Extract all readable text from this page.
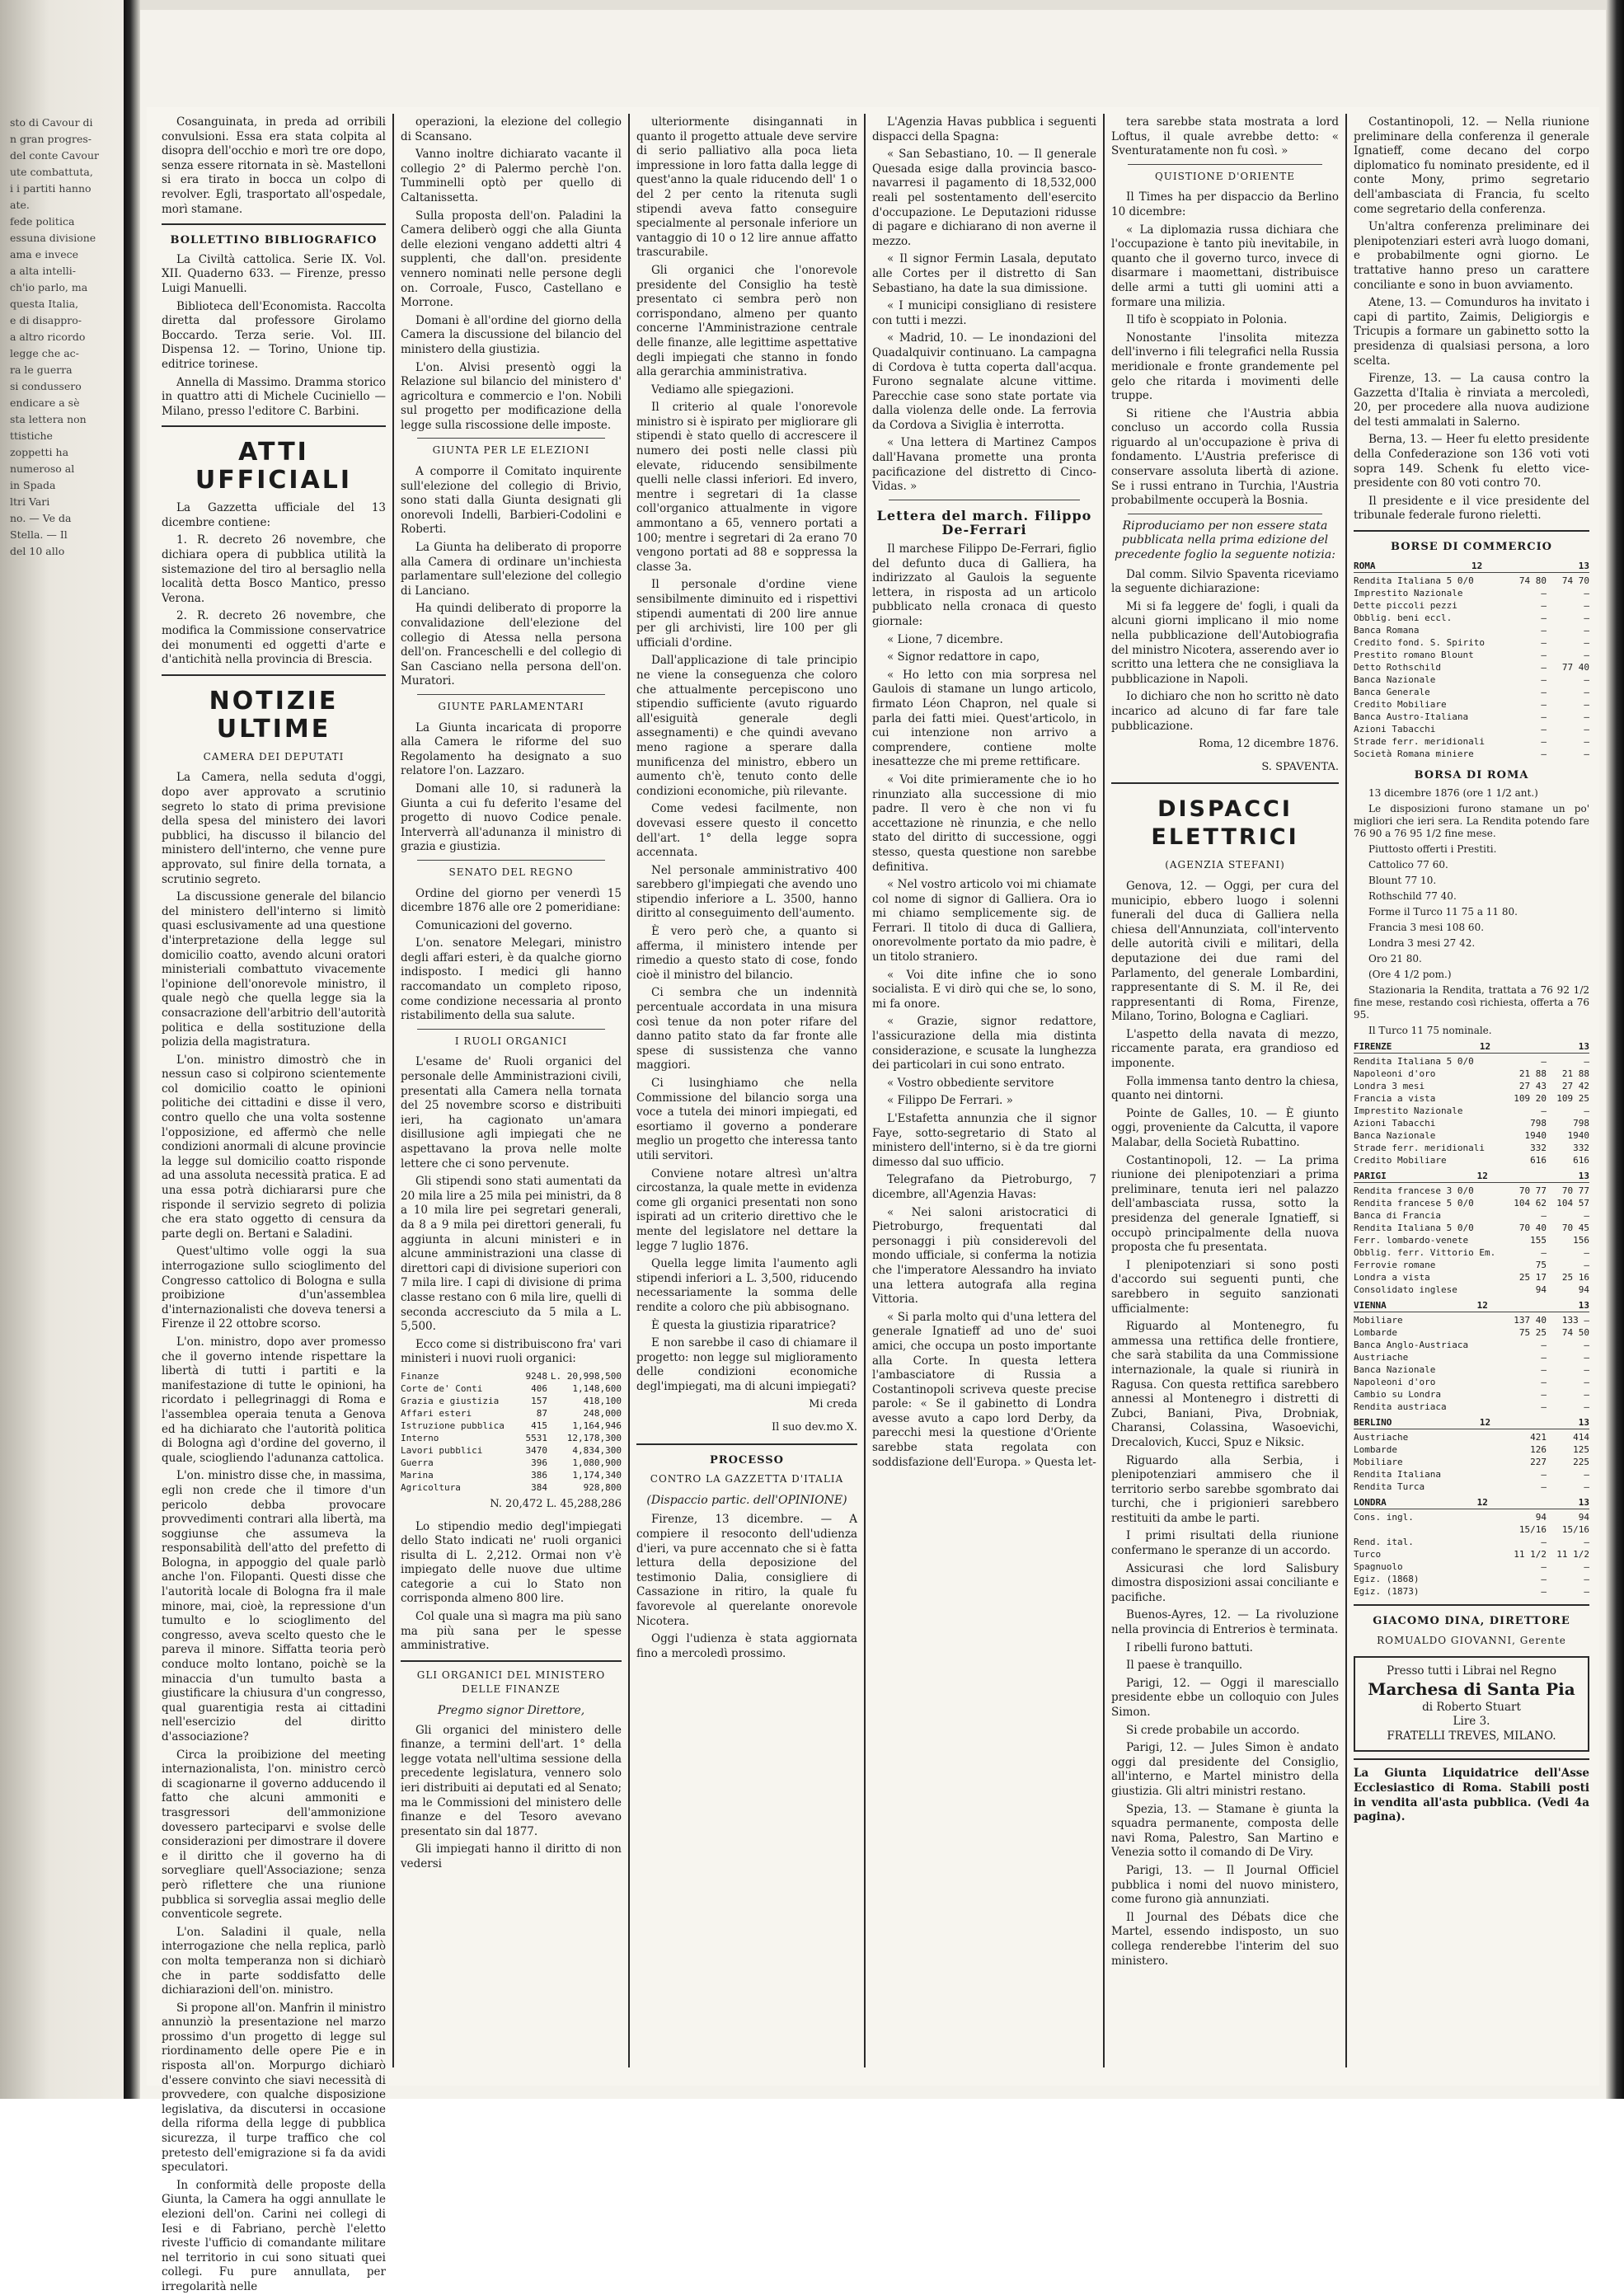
sto di Cavour di

n gran progres-

del conte Cavour

ute combattuta,

i i partiti hanno

ate.

fede politica

essuna divisione

ama e invece

a alta intelli-

ch'io parlo, ma

questa Italia,

e di disappro-

a altro ricordo

legge che ac-

ra le guerra

si condussero

endicare a sè

sta lettera non

ttistiche

zoppetti ha

numeroso al

in Spada

ltri Vari

no. — Ve da

Stella. — Il

del 10 allo

Cosanguinata, in preda ad orribili convulsioni. Essa era stata colpita al disopra dell'occhio e morì tre ore dopo, senza essere ritornata in sè. Mastelloni si era tirato in bocca un colpo di revolver. Egli, trasportato all'ospedale, morì stamane.

BOLLETTINO BIBLIOGRAFICO

La Civiltà cattolica. Serie IX. Vol. XII. Quaderno 633. — Firenze, presso Luigi Manuelli.

Biblioteca dell'Economista. Raccolta diretta dal professore Girolamo Boccardo. Terza serie. Vol. III. Dispensa 12. — Torino, Unione tip. editrice torinese.

Annella di Massimo. Dramma storico in quattro atti di Michele Cuciniello — Milano, presso l'editore C. Barbini.

ATTI UFFICIALI

La Gazzetta ufficiale del 13 dicembre contiene:

1. R. decreto 26 novembre, che dichiara opera di pubblica utilità la sistemazione del tiro al bersaglio nella località detta Bosco Mantico, presso Verona.

2. R. decreto 26 novembre, che modifica la Commissione conservatrice dei monumenti ed oggetti d'arte e d'antichità nella provincia di Brescia.

NOTIZIE ULTIME
CAMERA DEI DEPUTATI

La Camera, nella seduta d'oggi, dopo aver approvato a scrutinio segreto lo stato di prima previsione della spesa del ministero dei lavori pubblici, ha discusso il bilancio del ministero dell'interno, che venne pure approvato, sul finire della tornata, a scrutinio segreto.

La discussione generale del bilancio del ministero dell'interno si limitò quasi esclusivamente ad una questione d'interpretazione della legge sul domicilio coatto, avendo alcuni oratori ministeriali combattuto vivacemente l'opinione dell'onorevole ministro, il quale negò che quella legge sia la consacrazione dell'arbitrio dell'autorità politica e della sostituzione della polizia della magistratura.

L'on. ministro dimostrò che in nessun caso si colpirono scientemente col domicilio coatto le opinioni politiche dei cittadini e disse il vero, contro quello che una volta sostenne l'opposizione, ed affermò che nelle condizioni anormali di alcune provincie la legge sul domicilio coatto risponde ad una assoluta necessità pratica. E ad una essa potrà dichiararsi pure che risponde il servizio segreto di polizia che era stato oggetto di censura da parte degli on. Bertani e Saladini.

Quest'ultimo volle oggi la sua interrogazione sullo scioglimento del Congresso cattolico di Bologna e sulla proibizione d'un'assemblea d'internazionalisti che doveva tenersi a Firenze il 22 ottobre scorso.

L'on. ministro, dopo aver promesso che il governo intende rispettare la libertà di tutti i partiti e la manifestazione di tutte le opinioni, ha ricordato i pellegrinaggi di Roma e l'assemblea operaia tenuta a Genova ed ha dichiarato che l'autorità politica di Bologna agì d'ordine del governo, il quale, sciogliendo l'adunanza cattolica.

L'on. ministro disse che, in massima, egli non crede che il timore d'un pericolo debba provocare provvedimenti contrari alla libertà, ma soggiunse che assumeva la responsabilità dell'atto del prefetto di Bologna, in appoggio del quale parlò anche l'on. Filopanti. Questi disse che l'autorità locale di Bologna fra il male minore, mai, cioè, la repressione d'un tumulto e lo scioglimento del congresso, aveva scelto questo che le pareva il minore. Siffatta teoria però conduce molto lontano, poichè se la minaccia d'un tumulto basta a giustificare la chiusura d'un congresso, qual guarentigia resta ai cittadini nell'esercizio del diritto d'associazione?

Circa la proibizione del meeting internazionalista, l'on. ministro cercò di scagionarne il governo adducendo il fatto che alcuni ammoniti e trasgressori dell'ammonizione dovessero parteciparvi e svolse delle considerazioni per dimostrare il dovere e il diritto che il governo ha di sorvegliare quell'Associazione; senza però riflettere che una riunione pubblica si sorveglia assai meglio delle conventicole segrete.

L'on. Saladini il quale, nella interrogazione che nella replica, parlò con molta temperanza non si dichiarò che in parte soddisfatto delle dichiarazioni dell'on. ministro.

Si propone all'on. Manfrin il ministro annunziò la presentazione nel marzo prossimo d'un progetto di legge sul riordinamento delle opere Pie e in risposta all'on. Morpurgo dichiarò d'essere convinto che siavi necessità di provvedere, con qualche disposizione legislativa, da discutersi in occasione della riforma della legge di pubblica sicurezza, il turpe traffico che col pretesto dell'emigrazione si fa da avidi speculatori.

In conformità delle proposte della Giunta, la Camera ha oggi annullate le elezioni dell'on. Carini nei collegi di Iesi e di Fabriano, perchè l'eletto riveste l'ufficio di comandante militare nel territorio in cui sono situati quei collegi. Fu pure annullata, per irregolarità nelle

operazioni, la elezione del collegio di Scansano.

Vanno inoltre dichiarato vacante il collegio 2° di Palermo perchè l'on. Tumminelli optò per quello di Caltanissetta.

Sulla proposta dell'on. Paladini la Camera deliberò oggi che alla Giunta delle elezioni vengano addetti altri 4 supplenti, che dall'on. presidente vennero nominati nelle persone degli on. Corroale, Fusco, Castellano e Morrone.

Domani è all'ordine del giorno della Camera la discussione del bilancio del ministero della giustizia.

L'on. Alvisi presentò oggi la Relazione sul bilancio del ministero d' agricoltura e commercio e l'on. Nobili sul progetto per modificazione della legge sulla riscossione delle imposte.

GIUNTA PER LE ELEZIONI

A comporre il Comitato inquirente sull'elezione del collegio di Brivio, sono stati dalla Giunta designati gli onorevoli Indelli, Barbieri-Codolini e Roberti.

La Giunta ha deliberato di proporre alla Camera di ordinare un'inchiesta parlamentare sull'elezione del collegio di Lanciano.

Ha quindi deliberato di proporre la convalidazione dell'elezione del collegio di Atessa nella persona dell'on. Franceschelli e del collegio di San Casciano nella persona dell'on. Muratori.

GIUNTE PARLAMENTARI

La Giunta incaricata di proporre alla Camera le riforme del suo Regolamento ha designato a suo relatore l'on. Lazzaro.

Domani alle 10, si radunerà la Giunta a cui fu deferito l'esame del progetto di nuovo Codice penale. Interverrà all'adunanza il ministro di grazia e giustizia.

SENATO DEL REGNO

Ordine del giorno per venerdì 15 dicembre 1876 alle ore 2 pomeridiane:

Comunicazioni del governo.

L'on. senatore Melegari, ministro degli affari esteri, è da qualche giorno indisposto. I medici gli hanno raccomandato un completo riposo, come condizione necessaria al pronto ristabilimento della sua salute.

I RUOLI ORGANICI

L'esame de' Ruoli organici del personale delle Amministrazioni civili, presentati alla Camera nella tornata del 25 novembre scorso e distribuiti ieri, ha cagionato un'amara disillusione agli impiegati che ne aspettavano la prova nelle molte lettere che ci sono pervenute.

Gli stipendi sono stati aumentati da 20 mila lire a 25 mila pei ministri, da 8 a 10 mila lire pei segretari generali, da 8 a 9 mila pei direttori generali, fu aggiunta in alcuni ministeri e in alcune amministrazioni una classe di direttori capi di divisione superiori con 7 mila lire. I capi di divisione di prima classe restano con 6 mila lire, quelli di seconda accresciuto da 5 mila a L. 5,500.

Ecco come si distribuiscono fra' vari ministeri i nuovi ruoli organici:

Finanze	9248 L. 20,998,500
Corte de' Conti	406	1,148,600
Grazia e giustizia	157	418,100
Affari esteri	87	248,000
Istruzione pubblica	415	1,164,946
Interno	5531	12,178,300
Lavori pubblici	3470	4,834,300
Guerra	396	1,080,900
Marina	386	1,174,340
Agricoltura	384	928,800
N. 20,472 L. 45,288,286

Lo stipendio medio degl'impiegati dello Stato indicati ne' ruoli organici risulta di L. 2,212. Ormai non v'è impiegato delle nuove due ultime categorie a cui lo Stato non corrisponda almeno 800 lire.

Col quale una sì magra ma più sano ma più sana per le spesse amministrative.

GLI ORGANICI DEL MINISTERO DELLE FINANZE
Pregmo signor Direttore,

Gli organici del ministero delle finanze, a termini dell'art. 1° della legge votata nell'ultima sessione della precedente legislatura, vennero solo ieri distribuiti ai deputati ed al Senato; ma le Commissioni del ministero delle finanze e del Tesoro avevano presentato sin dal 1877.

Gli impiegati hanno il diritto di non vedersi

ulteriormente disingannati in quanto il progetto attuale deve servire di serio palliativo alla poca lieta impressione in loro fatta dalla legge di quest'anno la quale riducendo dell' 1 o del 2 per cento la ritenuta sugli stipendi aveva fatto conseguire specialmente al personale inferiore un vantaggio di 10 o 12 lire annue affatto trascurabile.

Gli organici che l'onorevole presidente del Consiglio ha testè presentato ci sembra però non corrispondano, almeno per quanto concerne l'Amministrazione centrale delle finanze, alle legittime aspettative degli impiegati che stanno in fondo alla gerarchia amministrativa.

Vediamo alle spiegazioni.

Il criterio al quale l'onorevole ministro si è ispirato per migliorare gli stipendi è stato quello di accrescere il numero dei posti nelle classi più elevate, riducendo sensibilmente quelli nelle classi inferiori. Ed invero, mentre i segretari di 1a classe coll'organico attualmente in vigore ammontano a 65, vennero portati a 100; mentre i segretari di 2a erano 70 vengono portati ad 88 e soppressa la classe 3a.

Il personale d'ordine viene sensibilmente diminuito ed i rispettivi stipendi aumentati di 200 lire annue per gli archivisti, lire 100 per gli ufficiali d'ordine.

Dall'applicazione di tale principio ne viene la conseguenza che coloro che attualmente percepiscono uno stipendio sufficiente (avuto riguardo all'esiguità generale degli assegnamenti) e che quindi avevano meno ragione a sperare dalla munificenza del ministro, ebbero un aumento ch'è, tenuto conto delle condizioni economiche, più rilevante.

Come vedesi facilmente, non dovevasi essere questo il concetto dell'art. 1° della legge sopra accennata.

Nel personale amministrativo 400 sarebbero gl'impiegati che avendo uno stipendio inferiore a L. 3500, hanno diritto al conseguimento dell'aumento.

È vero però che, a quanto si afferma, il ministero intende per rimedio a questo stato di cose, fondo cioè il ministro del bilancio.

Ci sembra che un indennità percentuale accordata in una misura così tenue da non poter rifare del danno patito stato da far fronte alle spese di sussistenza che vanno maggiori.

Ci lusinghiamo che nella Commissione del bilancio sorga una voce a tutela dei minori impiegati, ed esortiamo il governo a ponderare meglio un progetto che interessa tanto utili servitori.

Conviene notare altresì un'altra circostanza, la quale mette in evidenza come gli organici presentati non sono ispirati ad un criterio direttivo che le mente del legislatore nel dettare la legge 7 luglio 1876.

Quella legge limita l'aumento agli stipendi inferiori a L. 3,500, riducendo necessariamente la somma delle rendite a coloro che più abbisognano.

È questa la giustizia riparatrice?

E non sarebbe il caso di chiamare il progetto: non legge sul miglioramento delle condizioni economiche degl'impiegati, ma di alcuni impiegati?

Mi creda
Il suo dev.mo X.
PROCESSO
CONTRO LA GAZZETTA D'ITALIA
(Dispaccio partic. dell'OPINIONE)

Firenze, 13 dicembre. — A compiere il resoconto dell'udienza d'ieri, va pure accennato che si è fatta lettura della deposizione del testimonio Dalia, consigliere di Cassazione in ritiro, la quale fu favorevole al querelante onorevole Nicotera.

Oggi l'udienza è stata aggiornata fino a mercoledì prossimo.

L'Agenzia Havas pubblica i seguenti dispacci della Spagna:

« San Sebastiano, 10. — Il generale Quesada esige dalla provincia basco-navarresi il pagamento di 18,532,000 reali pel sostentamento dell'esercito d'occupazione. Le Deputazioni ridusse di pagare e dichiarano di non averne il mezzo.

« Il signor Fermin Lasala, deputato alle Cortes per il distretto di San Sebastiano, ha date la sua dimissione.

« I municipi consigliano di resistere con tutti i mezzi.

« Madrid, 10. — Le inondazioni del Quadalquivir continuano. La campagna di Cordova è tutta coperta dall'acqua. Furono segnalate alcune vittime. Parecchie case sono state portate via dalla violenza delle onde. La ferrovia da Cordova a Siviglia è interrotta.

« Una lettera di Martinez Campos dall'Havana promette una pronta pacificazione del distretto di Cinco-Vidas. »

Lettera del march. Filippo De-Ferrari

Il marchese Filippo De-Ferrari, figlio del defunto duca di Galliera, ha indirizzato al Gaulois la seguente lettera, in risposta ad un articolo pubblicato nella cronaca di questo giornale:

« Lione, 7 dicembre.

« Signor redattore in capo,

« Ho letto con mia sorpresa nel Gaulois di stamane un lungo articolo, firmato Léon Chapron, nel quale si parla dei fatti miei. Quest'articolo, in cui intenzione non arrivo a comprendere, contiene molte inesattezze che mi preme rettificare.

« Voi dite primieramente che io ho rinunziato alla successione di mio padre. Il vero è che non vi fu accettazione nè rinunzia, e che nello stato del diritto di successione, oggi stesso, questa questione non sarebbe definitiva.

« Nel vostro articolo voi mi chiamate col nome di signor di Galliera. Ora io mi chiamo semplicemente sig. de Ferrari. Il titolo di duca di Galliera, onorevolmente portato da mio padre, è un titolo straniero.

« Voi dite infine che io sono socialista. E vi dirò qui che se, lo sono, mi fa onore.

« Grazie, signor redattore, l'assicurazione della mia distinta considerazione, e scusate la lunghezza dei particolari in cui sono entrato.

« Vostro obbediente servitore

« Filippo De Ferrari. »

L'Estafetta annunzia che il signor Faye, sotto-segretario di Stato al ministero dell'interno, si è da tre giorni dimesso dal suo ufficio.

Telegrafano da Pietroburgo, 7 dicembre, all'Agenzia Havas:

« Nei saloni aristocratici di Pietroburgo, frequentati dal personaggi i più considerevoli del mondo ufficiale, si conferma la notizia che l'imperatore Alessandro ha inviato una lettera autografa alla regina Vittoria.

« Si parla molto qui d'una lettera del generale Ignatieff ad uno de' suoi amici, che occupa un posto importante alla Corte. In questa lettera l'ambasciatore di Russia a Costantinopoli scriveva queste precise parole: « Se il gabinetto di Londra avesse avuto a capo lord Derby, da parecchi mesi la questione d'Oriente sarebbe stata regolata con soddisfazione dell'Europa. » Questa let-

tera sarebbe stata mostrata a lord Loftus, il quale avrebbe detto: « Sventuratamente non fu così. »

QUISTIONE D'ORIENTE

Il Times ha per dispaccio da Berlino 10 dicembre:

« La diplomazia russa dichiara che l'occupazione è tanto più inevitabile, in quanto che il governo turco, invece di disarmare i maomettani, distribuisce delle armi a tutti gli uomini atti a formare una milizia.

Il tifo è scoppiato in Polonia.

Nonostante l'insolita mitezza dell'inverno i fili telegrafici nella Russia meridionale e fronte grandemente pel gelo che ritarda i movimenti delle truppe.

Si ritiene che l'Austria abbia concluso un accordo colla Russia riguardo al un'occupazione è priva di fondamento. L'Austria preferisce di conservare assoluta libertà di azione. Se i russi entrano in Turchia, l'Austria probabilmente occuperà la Bosnia.

Riproduciamo per non essere stata pubblicata nella prima edizione del precedente foglio la seguente notizia:

Dal comm. Silvio Spaventa riceviamo la seguente dichiarazione:

Mi si fa leggere de' fogli, i quali da alcuni giorni implicano il mio nome nella pubblicazione dell'Autobiografia del ministro Nicotera, asserendo aver io scritto una lettera che ne consigliava la pubblicazione in Napoli.

Io dichiaro che non ho scritto nè dato incarico ad alcuno di far fare tale pubblicazione.

Roma, 12 dicembre 1876.
S. SPAVENTA.
DISPACCI ELETTRICI
(AGENZIA STEFANI)

Genova, 12. — Oggi, per cura del municipio, ebbero luogo i solenni funerali del duca di Galliera nella chiesa dell'Annunziata, coll'intervento delle autorità civili e militari, della deputazione dei due rami del Parlamento, del generale Lombardini, rappresentante di S. M. il Re, dei rappresentanti di Roma, Firenze, Milano, Torino, Bologna e Cagliari.

L'aspetto della navata di mezzo, riccamente parata, era grandioso ed imponente.

Folla immensa tanto dentro la chiesa, quanto nei dintorni.

Pointe de Galles, 10. — È giunto oggi, proveniente da Calcutta, il vapore Malabar, della Società Rubattino.

Costantinopoli, 12. — La prima riunione dei plenipotenziari a prima preliminare, tenuta ieri nel palazzo dell'ambasciata russa, sotto la presidenza del generale Ignatieff, si occupò principalmente della nuova proposta che fu presentata.

I plenipotenziari si sono posti d'accordo sui seguenti punti, che sarebbero in seguito sanzionati ufficialmente:

Riguardo al Montenegro, fu ammessa una rettifica delle frontiere, che sarà stabilita da una Commissione internazionale, la quale si riunirà in Ragusa. Con questa rettifica sarebbero annessi al Montenegro i distretti di Zubci, Baniani, Piva, Drobniak, Charansi, Colassina, Wasoevichi, Drecalovich, Kucci, Spuz e Niksic.

Riguardo alla Serbia, i plenipotenziari ammisero che il territorio serbo sarebbe sgombrato dai turchi, che i prigionieri sarebbero restituiti da ambe le parti.

I primi risultati della riunione confermano le speranze di un accordo.

Assicurasi che lord Salisbury dimostra disposizioni assai conciliante e pacifiche.

Buenos-Ayres, 12. — La rivoluzione nella provincia di Entrerios è terminata.

I ribelli furono battuti.

Il paese è tranquillo.

Parigi, 12. — Oggi il maresciallo presidente ebbe un colloquio con Jules Simon.

Si crede probabile un accordo.

Parigi, 12. — Jules Simon è andato oggi dal presidente del Consiglio, all'interno, e Martel ministro della giustizia. Gli altri ministri restano.

Spezia, 13. — Stamane è giunta la squadra permanente, composta delle navi Roma, Palestro, San Martino e Venezia sotto il comando di De Viry.

Parigi, 13. — Il Journal Officiel pubblica i nomi del nuovo ministero, come furono già annunziati.

Il Journal des Débats dice che Martel, essendo indisposto, un suo collega renderebbe l'interim del suo ministero.

Costantinopoli, 12. — Nella riunione preliminare della conferenza il generale Ignatieff, come decano del corpo diplomatico fu nominato presidente, ed il conte Mony, primo segretario dell'ambasciata di Francia, fu scelto come segretario della conferenza.

Un'altra conferenza preliminare dei plenipotenziari esteri avrà luogo domani, e probabilmente ogni giorno. Le trattative hanno preso un carattere conciliante e sono in buon avviamento.

Atene, 13. — Comunduros ha invitato i capi di partito, Zaimis, Deligiorgis e Tricupis a formare un gabinetto sotto la presidenza di qualsiasi persona, a loro scelta.

Firenze, 13. — La causa contro la Gazzetta d'Italia è rinviata a mercoledì, 20, per procedere alla nuova audizione del testi ammalati in Salerno.

Berna, 13. — Heer fu eletto presidente della Confederazione son 136 voti voti sopra 149. Schenk fu eletto vice-presidente con 80 voti contro 70.

Il presidente e il vice presidente del tribunale federale furono rieletti.

BORSE DI COMMERCIO
ROMA	12	13
Rendita Italiana 5 0/0	74 80	74 70
Imprestito Nazionale	—	—
Dette piccoli pezzi	—	—
Obblig. beni eccl.	—	—
Banca Romana	—	—
Credito fond. S. Spirito	—	—
Prestito romano Blount	—	—
Detto Rothschild	—	77 40
Banca Nazionale	—	—
Banca Generale	—	—
Credito Mobiliare	—	—
Banca Austro-Italiana	—	—
Azioni Tabacchi	—	—
Strade ferr. meridionali	—	—
Società Romana miniere	—	—
BORSA DI ROMA

13 dicembre 1876 (ore 1 1/2 ant.)

Le disposizioni furono stamane un po' migliori che ieri sera. La Rendita potendo fare 76 90 a 76 95 1/2 fine mese.

Piuttosto offerti i Prestiti.

Cattolico 77 60.

Blount 77 10.

Rothschild 77 40.

Forme il Turco 11 75 a 11 80.

Francia 3 mesi 108 60.

Londra 3 mesi 27 42.

Oro 21 80.

(Ore 4 1/2 pom.)

Stazionaria la Rendita, trattata a 76 92 1/2 fine mese, restando così richiesta, offerta a 76 95.

Il Turco 11 75 nominale.

FIRENZE	12	13
Rendita Italiana 5 0/0	—	—
Napoleoni d'oro	21 88	21 88
Londra 3 mesi	27 43	27 42
Francia a vista	109 20	109 25
Imprestito Nazionale	—	—
Azioni Tabacchi	798	798
Banca Nazionale	1940	1940
Strade ferr. meridionali	332	332
Credito Mobiliare	616	616
PARIGI	12	13
Rendita francese 3 0/0	70 77	70 77
Rendita francese 5 0/0	104 62	104 57
Banca di Francia	—	—
Rendita Italiana 5 0/0	70 40	70 45
Ferr. lombardo-venete	155	156
Obblig. ferr. Vittorio Em.	—	—
Ferrovie romane	75	—
Londra a vista	25 17	25 16
Consolidato inglese	94	94
VIENNA	12	13
Mobiliare	137 40	133 —
Lombarde	75 25	74 50
Banca Anglo-Austriaca	—	—
Austriache	—	—
Banca Nazionale	—	—
Napoleoni d'oro	—	—
Cambio su Londra	—	—
Rendita austriaca	—	—
BERLINO	12	13
Austriache	421	414
Lombarde	126	125
Mobiliare	227	225
Rendita Italiana	—	—
Rendita Turca	—	—
LONDRA	12	13
Cons. ingl.	94 15/16
94 15/16
Rend. ital.	—	—
Turco	11 1/2	11 1/2
Spagnuolo	—	—
Egiz. (1868)	—	—
Egiz. (1873)	—	—
GIACOMO DINA, DIRETTORE
ROMUALDO GIOVANNI, Gerente
Presso tutti i Librai nel Regno
Marchesa di Santa Pia
di Roberto Stuart
Lire 3.
FRATELLI TREVES, MILANO.

La Giunta Liquidatrice dell'Asse Ecclesiastico di Roma. Stabili posti in vendita all'asta pubblica. (Vedi 4a pagina).
